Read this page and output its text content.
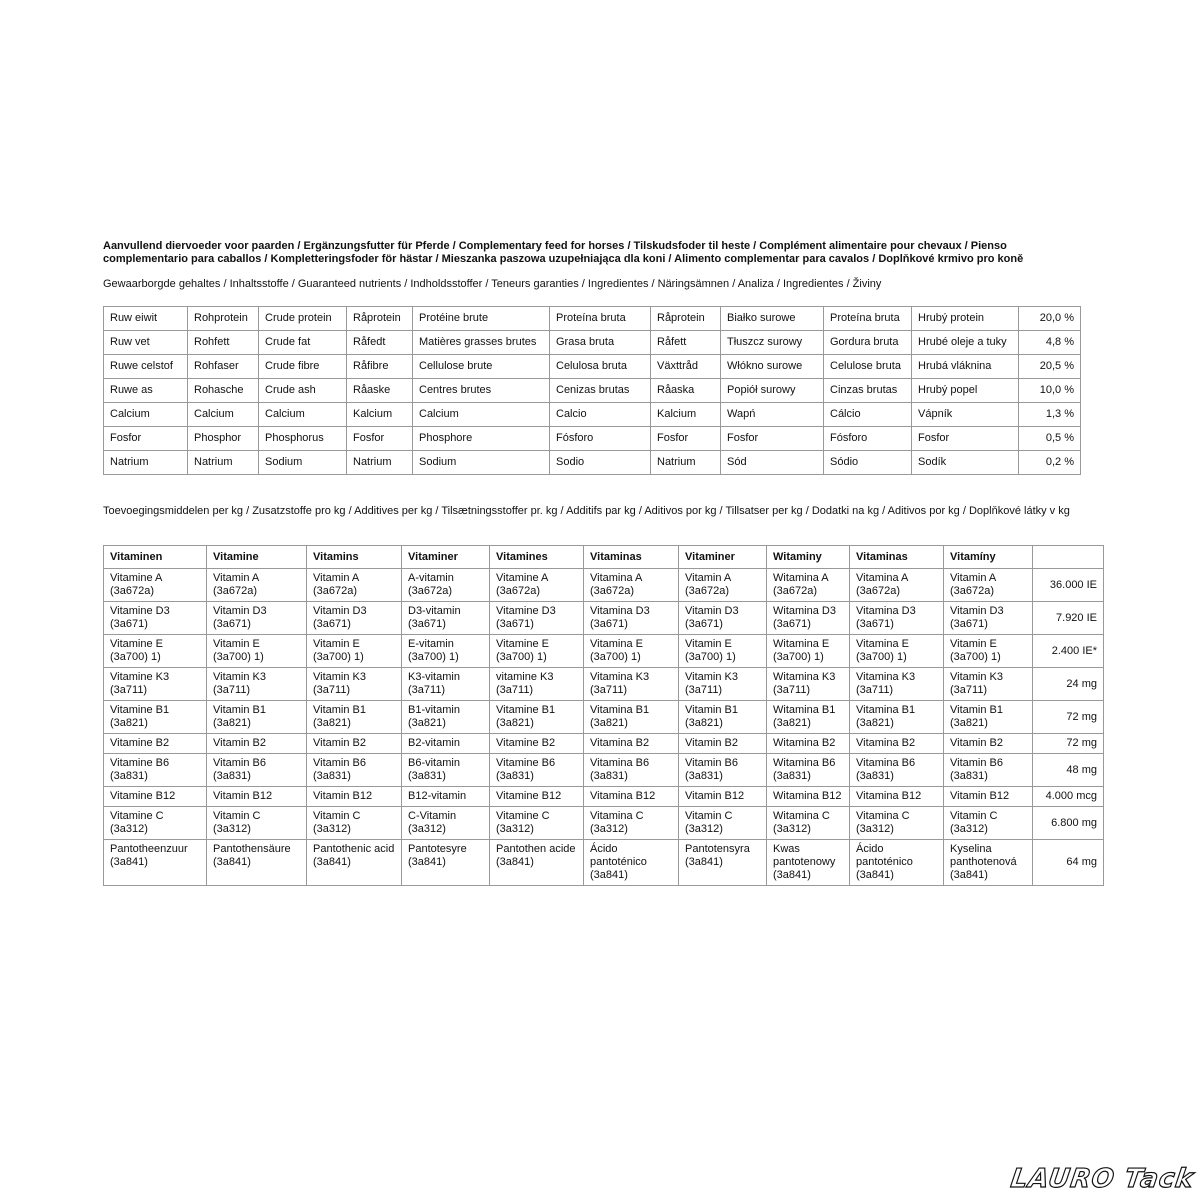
Aanvullend diervoeder voor paarden / Ergänzungsfutter für Pferde / Complementary feed for horses / Tilskudsfoder til heste / Complément alimentaire pour chevaux / Pienso complementario para caballos / Kompletteringsfoder för hästar / Mieszanka paszowa uzupełniająca dla koni / Alimento complementar para cavalos / Doplňkové krmivo pro koně
Gewaarborgde gehaltes / Inhaltsstoffe / Guaranteed nutrients / Indholdsstoffer / Teneurs garanties / Ingredientes / Näringsämnen / Analiza / Ingredientes / Živiny
Ruw eiwit	Rohprotein	Crude protein	Råprotein	Protéine brute	Proteína bruta	Råprotein	Białko surowe	Proteína bruta	Hrubý protein	20,0 %
Ruw vet	Rohfett	Crude fat	Råfedt	Matières grasses brutes	Grasa bruta	Råfett	Tłuszcz surowy	Gordura bruta	Hrubé oleje a tuky	4,8 %
Ruwe celstof	Rohfaser	Crude fibre	Råfibre	Cellulose brute	Celulosa bruta	Växttråd	Włókno surowe	Celulose bruta	Hrubá vláknina	20,5 %
Ruwe as	Rohasche	Crude ash	Råaske	Centres brutes	Cenizas brutas	Råaska	Popiół surowy	Cinzas brutas	Hrubý popel	10,0 %
Calcium	Calcium	Calcium	Kalcium	Calcium	Calcio	Kalcium	Wapń	Cálcio	Vápník	1,3 %
Fosfor	Phosphor	Phosphorus	Fosfor	Phosphore	Fósforo	Fosfor	Fosfor	Fósforo	Fosfor	0,5 %
Natrium	Natrium	Sodium	Natrium	Sodium	Sodio	Natrium	Sód	Sódio	Sodík	0,2 %
Toevoegingsmiddelen per kg / Zusatzstoffe pro kg / Additives per kg / Tilsætningsstoffer pr. kg / Additifs par kg / Aditivos por kg / Tillsatser per kg / Dodatki na kg / Aditivos por kg / Doplňkové látky v kg
Vitaminen	Vitamine	Vitamins	Vitaminer	Vitamines	Vitaminas	Vitaminer	Witaminy	Vitaminas	Vitamíny	
Vitamine A (3a672a)	Vitamin A (3a672a)	Vitamin A (3a672a)	A-vitamin (3a672a)	Vitamine A (3a672a)	Vitamina A (3a672a)	Vitamin A (3a672a)	Witamina A (3a672a)	Vitamina A (3a672a)	Vitamin A (3a672a)	36.000 IE
Vitamine D3 (3a671)	Vitamin D3 (3a671)	Vitamin D3 (3a671)	D3-vitamin (3a671)	Vitamine D3 (3a671)	Vitamina D3 (3a671)	Vitamin D3 (3a671)	Witamina D3 (3a671)	Vitamina D3 (3a671)	Vitamin D3 (3a671)	7.920 IE
Vitamine E (3a700) 1)	Vitamin E (3a700) 1)	Vitamin E (3a700) 1)	E-vitamin (3a700) 1)	Vitamine E (3a700) 1)	Vitamina E (3a700) 1)	Vitamin E (3a700) 1)	Witamina E (3a700) 1)	Vitamina E (3a700) 1)	Vitamin E (3a700) 1)	2.400 IE*
Vitamine K3 (3a711)	Vitamin K3 (3a711)	Vitamin K3 (3a711)	K3-vitamin (3a711)	vitamine K3 (3a711)	Vitamina K3 (3a711)	Vitamin K3 (3a711)	Witamina K3 (3a711)	Vitamina K3 (3a711)	Vitamin K3 (3a711)	24 mg
Vitamine B1 (3a821)	Vitamin B1 (3a821)	Vitamin B1 (3a821)	B1-vitamin (3a821)	Vitamine B1 (3a821)	Vitamina B1 (3a821)	Vitamin B1 (3a821)	Witamina B1 (3a821)	Vitamina B1 (3a821)	Vitamin B1 (3a821)	72 mg
Vitamine B2	Vitamin B2	Vitamin B2	B2-vitamin	Vitamine B2	Vitamina B2	Vitamin B2	Witamina B2	Vitamina B2	Vitamin B2	72 mg
Vitamine B6 (3a831)	Vitamin B6 (3a831)	Vitamin B6 (3a831)	B6-vitamin (3a831)	Vitamine B6 (3a831)	Vitamina B6 (3a831)	Vitamin B6 (3a831)	Witamina B6 (3a831)	Vitamina B6 (3a831)	Vitamin B6 (3a831)	48 mg
Vitamine B12	Vitamin B12	Vitamin B12	B12-vitamin	Vitamine B12	Vitamina B12	Vitamin B12	Witamina B12	Vitamina B12	Vitamin B12	4.000 mcg
Vitamine C (3a312)	Vitamin C (3a312)	Vitamin C (3a312)	C-Vitamin (3a312)	Vitamine C (3a312)	Vitamina C (3a312)	Vitamin C (3a312)	Witamina C (3a312)	Vitamina C (3a312)	Vitamin C (3a312)	6.800 mg
Pantotheenzuur (3a841)	Pantothensäure (3a841)	Pantothenic acid (3a841)	Pantotesyre (3a841)	Pantothen acide (3a841)	Ácido pantoténico (3a841)	Pantotensyra (3a841)	Kwas pantotenowy (3a841)	Ácido pantoténico (3a841)	Kyselina panthotenová (3a841)	64 mg
LAURO Tack
